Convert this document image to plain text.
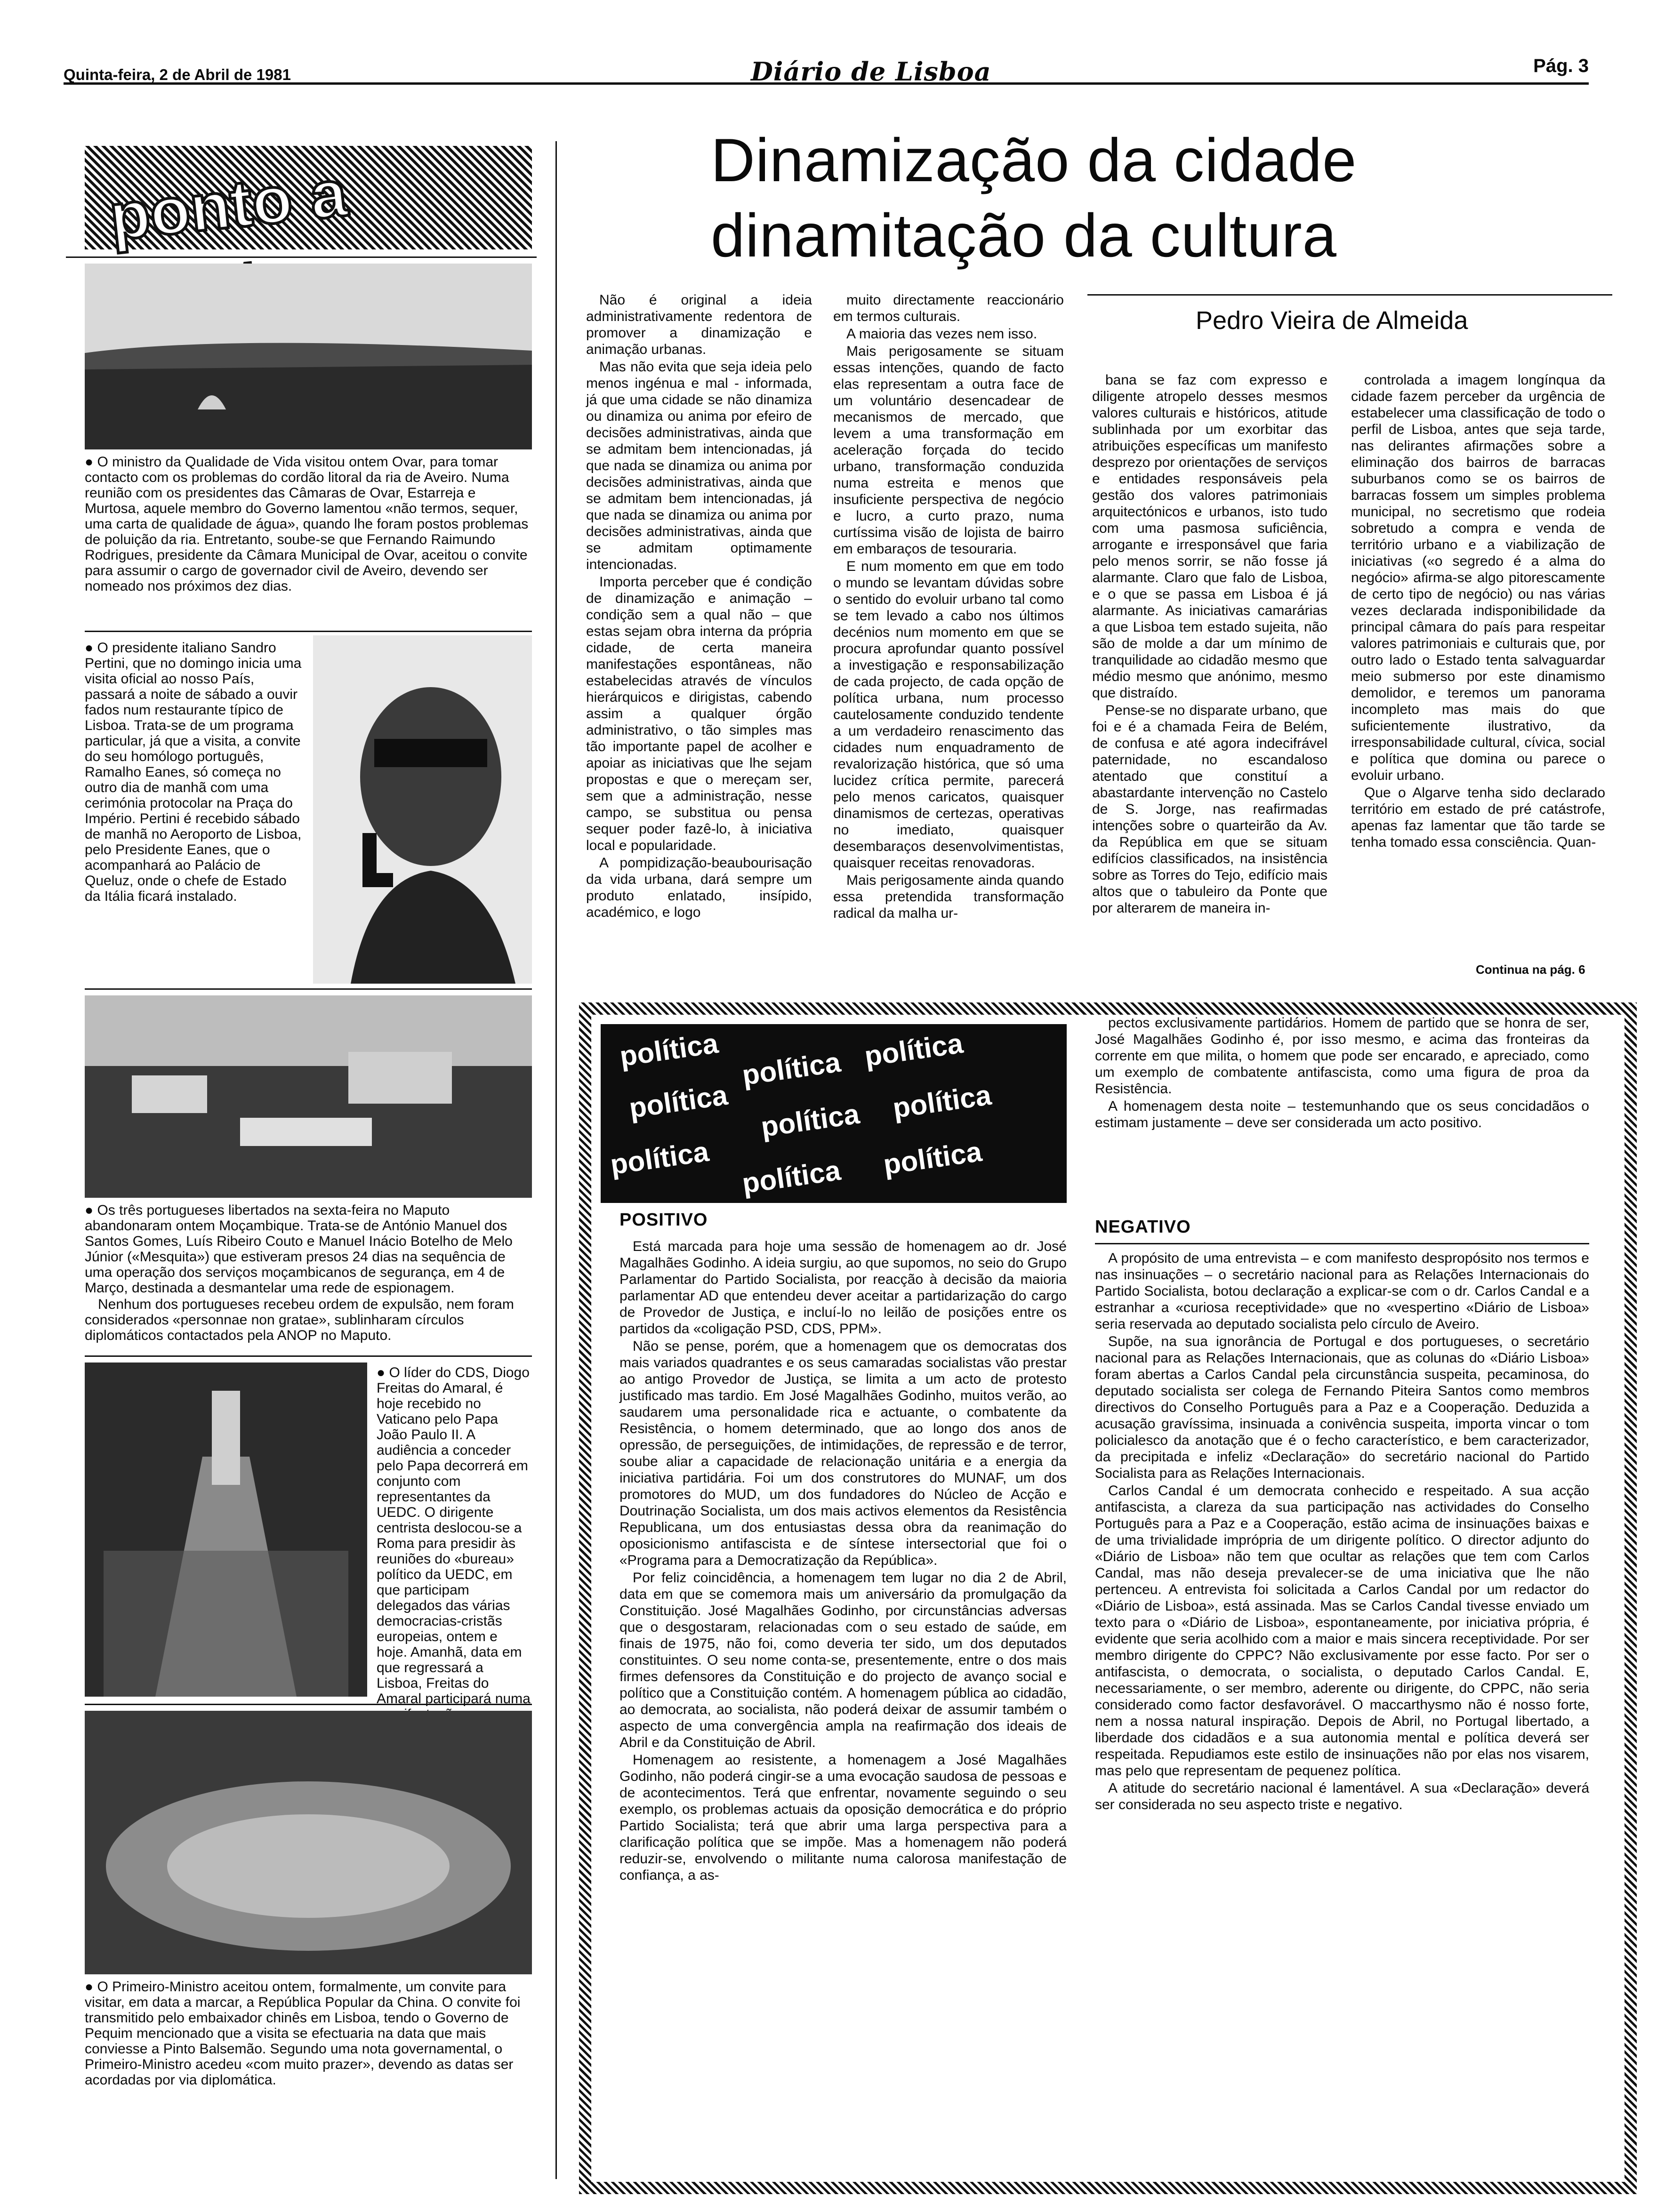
Quinta-feira, 2 de Abril de 1981	Diário de Lisboa	Pág. 3
ponto a
● O ministro da Qualidade de Vida visitou ontem Ovar, para tomar contacto com os problemas do cordão litoral da ria de Aveiro. Numa reunião com os presidentes das Câmaras de Ovar, Estarreja e Murtosa, aquele membro do Governo lamentou «não termos, sequer, uma carta de qualidade de água», quando lhe foram postos problemas de poluição da ria. Entretanto, soube-se que Fernando Raimundo Rodrigues, presidente da Câmara Municipal de Ovar, aceitou o convite para assumir o cargo de governador civil de Aveiro, devendo ser nomeado nos próximos dez dias.
● O presidente italiano Sandro Pertini, que no domingo inicia uma visita oficial ao nosso País, passará a noite de sábado a ouvir fados num restaurante típico de Lisboa. Trata-se de um programa particular, já que a visita, a convite do seu homólogo português, Ramalho Eanes, só começa no outro dia de manhã com uma cerimónia protocolar na Praça do Império. Pertini é recebido sábado de manhã no Aeroporto de Lisboa, pelo Presidente Eanes, que o acompanhará ao Palácio de Queluz, onde o chefe de Estado da Itália ficará instalado.
● Os três portugueses libertados na sexta-feira no Maputo abandonaram ontem Moçambique. Trata-se de António Manuel dos Santos Gomes, Luís Ribeiro Couto e Manuel Inácio Botelho de Melo Júnior («Mesquita») que estiveram presos 24 dias na sequência de uma operação dos serviços moçambicanos de segurança, em 4 de Março, destinada a desmantelar uma rede de espionagem.
Nenhum dos portugueses recebeu ordem de expulsão, nem foram considerados «personnae non gratae», sublinharam círculos diplomáticos contactados pela ANOP no Maputo.
● O líder do CDS, Diogo Freitas do Amaral, é hoje recebido no Vaticano pelo Papa João Paulo II. A audiência a conceder pelo Papa decorrerá em conjunto com representantes da UEDC. O dirigente centrista deslocou-se a Roma para presidir às reuniões do «bureau» político da UEDC, em que participam delegados das várias democracias-cristãs europeias, ontem e hoje. Amanhã, data em que regressará a Lisboa, Freitas do Amaral participará numa
● O Primeiro-Ministro aceitou ontem, formalmente, um convite para visitar, em data a marcar, a República Popular da China. O convite foi transmitido pelo embaixador chinês em Lisboa, tendo o Governo de Pequim mencionado que a visita se efectuaria na data que mais conviesse a Pinto Balsemão. Segundo uma nota governamental, o Primeiro-Ministro acedeu «com muito prazer», devendo as datas ser acordadas por via diplomática.
Dinamização da cidade
dinamitação da cultura
Pedro Vieira de Almeida

Não é original a ideia administrativamente redentora de promover a dinamização e animação urbanas.

Mas não evita que seja ideia pelo menos ingénua e mal - informada, já que uma cidade se não dinamiza ou dinamiza ou anima por efeiro de decisões administrativas, ainda que se admitam bem intencionadas, já que nada se dinamiza ou anima por decisões administrativas, ainda que se admitam bem intencionadas, já que nada se dinamiza ou anima por decisões administrativas, ainda que se admitam optimamente intencionadas.

Importa perceber que é condição de dinamização e animação – condição sem a qual não – que estas sejam obra interna da própria cidade, de certa maneira manifestações espontâneas, não estabelecidas através de vínculos hierárquicos e dirigistas, cabendo assim a qualquer órgão administrativo, o tão simples mas tão importante papel de acolher e apoiar as iniciativas que lhe sejam propostas e que o mereçam ser, sem que a administração, nesse campo, se substitua ou pensa sequer poder fazê-lo, à iniciativa local e popularidade.

A pompidização-beaubourisação da vida urbana, dará sempre um produto enlatado, insípido, académico, e logo

muito directamente reaccionário em termos culturais.

A maioria das vezes nem isso.

Mais perigosamente se situam essas intenções, quando de facto elas representam a outra face de um voluntário desencadear de mecanismos de mercado, que levem a uma transformação em aceleração forçada do tecido urbano, transformação conduzida numa estreita e menos que insuficiente perspectiva de negócio e lucro, a curto prazo, numa curtíssima visão de lojista de bairro em embaraços de tesouraria.

E num momento em que em todo o mundo se levantam dúvidas sobre o sentido do evoluir urbano tal como se tem levado a cabo nos últimos decénios num momento em que se procura aprofundar quanto possível a investigação e responsabilização de cada projecto, de cada opção de política urbana, num processo cautelosamente conduzido tendente a um verdadeiro renascimento das cidades num enquadramento de revalorização histórica, que só uma lucidez crítica permite, parecerá pelo menos caricatos, quaisquer dinamismos de certezas, operativas no imediato, quaisquer desembaraços desenvolvimentistas, quaisquer receitas renovadoras.

Mais perigosamente ainda quando essa pretendida transformação radical da malha ur-

bana se faz com expresso e diligente atropelo desses mesmos valores culturais e históricos, atitude sublinhada por um exorbitar das atribuições específicas um manifesto desprezo por orientações de serviços e entidades responsáveis pela gestão dos valores patrimoniais arquitectónicos e urbanos, isto tudo com uma pasmosa suficiência, arrogante e irresponsável que faria pelo menos sorrir, se não fosse já alarmante. Claro que falo de Lisboa, e o que se passa em Lisboa é já alarmante. As iniciativas camarárias a que Lisboa tem estado sujeita, não são de molde a dar um mínimo de tranquilidade ao cidadão mesmo que médio mesmo que anónimo, mesmo que distraído.

Pense-se no disparate urbano, que foi e é a chamada Feira de Belém, de confusa e até agora indecifrável paternidade, no escandaloso atentado que constituí a abastardante intervenção no Castelo de S. Jorge, nas reafirmadas intenções sobre o quarteirão da Av. da República em que se situam edifícios classificados, na insistência sobre as Torres do Tejo, edifício mais altos que o tabuleiro da Ponte que por alterarem de maneira in-

controlada a imagem longínqua da cidade fazem perceber da urgência de estabelecer uma classificação de todo o perfil de Lisboa, antes que seja tarde, nas delirantes afirmações sobre a eliminação dos bairros de barracas suburbanos como se os bairros de barracas fossem um simples problema municipal, no secretismo que rodeia sobretudo a compra e venda de território urbano e a viabilização de iniciativas («o segredo é a alma do negócio» afirma-se algo pitorescamente de certo tipo de negócio) ou nas várias vezes declarada indisponibilidade da principal câmara do país para respeitar valores patrimoniais e culturais que, por outro lado o Estado tenta salvaguardar meio submerso por este dinamismo demolidor, e teremos um panorama incompleto mas mais do que suficientemente ilustrativo, da irresponsabilidade cultural, cívica, social e política que domina ou parece o evoluir urbano.

Que o Algarve tenha sido declarado território em estado de pré catástrofe, apenas faz lamentar que tão tarde se tenha tomado essa consciência. Quan-

Continua na pág. 6
política política política
política política política
política política política
POSITIVO

Está marcada para hoje uma sessão de homenagem ao dr. José Magalhães Godinho. A ideia surgiu, ao que supomos, no seio do Grupo Parlamentar do Partido Socialista, por reacção à decisão da maioria parlamentar AD que entendeu dever aceitar a partidarização do cargo de Provedor de Justiça, e incluí-lo no leilão de posições entre os partidos da «coligação PSD, CDS, PPM».

Não se pense, porém, que a homenagem que os democratas dos mais variados quadrantes e os seus camaradas socialistas vão prestar ao antigo Provedor de Justiça, se limita a um acto de protesto justificado mas tardio. Em José Magalhães Godinho, muitos verão, ao saudarem uma personalidade rica e actuante, o combatente da Resistência, o homem determinado, que ao longo dos anos de opressão, de perseguições, de intimidações, de repressão e de terror, soube aliar a capacidade de relacionação unitária e a energia da iniciativa partidária. Foi um dos construtores do MUNAF, um dos promotores do MUD, um dos fundadores do Núcleo de Acção e Doutrinação Socialista, um dos mais activos elementos da Resistência Republicana, um dos entusiastas dessa obra da reanimação do oposicionismo antifascista e de síntese intersectorial que foi o «Programa para a Democratização da República».

Por feliz coincidência, a homenagem tem lugar no dia 2 de Abril, data em que se comemora mais um aniversário da promulgação da Constituição. José Magalhães Godinho, por circunstâncias adversas que o desgostaram, relacionadas com o seu estado de saúde, em finais de 1975, não foi, como deveria ter sido, um dos deputados constituintes. O seu nome conta-se, presentemente, entre o dos mais firmes defensores da Constituição e do projecto de avanço social e político que a Constituição contém. A homenagem pública ao cidadão, ao democrata, ao socialista, não poderá deixar de assumir também o aspecto de uma convergência ampla na reafirmação dos ideais de Abril e da Constituição de Abril.

Homenagem ao resistente, a homenagem a José Magalhães Godinho, não poderá cingir-se a uma evocação saudosa de pessoas e de acontecimentos. Terá que enfrentar, novamente seguindo o seu exemplo, os problemas actuais da oposição democrática e do próprio Partido Socialista; terá que abrir uma larga perspectiva para a clarificação política que se impõe. Mas a homenagem não poderá reduzir-se, envolvendo o militante numa calorosa manifestação de confiança, a as-

pectos exclusivamente partidários. Homem de partido que se honra de ser, José Magalhães Godinho é, por isso mesmo, e acima das fronteiras da corrente em que milita, o homem que pode ser encarado, e apreciado, como um exemplo de combatente antifascista, como uma figura de proa da Resistência.

A homenagem desta noite – testemunhando que os seus concidadãos o estimam justamente – deve ser considerada um acto positivo.

NEGATIVO

A propósito de uma entrevista – e com manifesto despropósito nos termos e nas insinuações – o secretário nacional para as Relações Internacionais do Partido Socialista, botou declaração a explicar-se com o dr. Carlos Candal e a estranhar a «curiosa receptividade» que no «vespertino «Diário de Lisboa» seria reservada ao deputado socialista pelo círculo de Aveiro.

Supõe, na sua ignorância de Portugal e dos portugueses, o secretário nacional para as Relações Internacionais, que as colunas do «Diário Lisboa» foram abertas a Carlos Candal pela circunstância suspeita, pecaminosa, do deputado socialista ser colega de Fernando Piteira Santos como membros directivos do Conselho Português para a Paz e a Cooperação. Deduzida a acusação gravíssima, insinuada a conivência suspeita, importa vincar o tom policialesco da anotação que é o fecho característico, e bem caracterizador, da precipitada e infeliz «Declaração» do secretário nacional do Partido Socialista para as Relações Internacionais.

Carlos Candal é um democrata conhecido e respeitado. A sua acção antifascista, a clareza da sua participação nas actividades do Conselho Português para a Paz e a Cooperação, estão acima de insinuações baixas e de uma trivialidade imprópria de um dirigente político. O director adjunto do «Diário de Lisboa» não tem que ocultar as relações que tem com Carlos Candal, mas não deseja prevalecer-se de uma iniciativa que lhe não pertenceu. A entrevista foi solicitada a Carlos Candal por um redactor do «Diário de Lisboa», está assinada. Mas se Carlos Candal tivesse enviado um texto para o «Diário de Lisboa», espontaneamente, por iniciativa própria, é evidente que seria acolhido com a maior e mais sincera receptividade. Por ser membro dirigente do CPPC? Não exclusivamente por esse facto. Por ser o antifascista, o democrata, o socialista, o deputado Carlos Candal. E, necessariamente, o ser membro, aderente ou dirigente, do CPPC, não seria considerado como factor desfavorável. O maccarthysmo não é nosso forte, nem a nossa natural inspiração. Depois de Abril, no Portugal libertado, a liberdade dos cidadãos e a sua autonomia mental e política deverá ser respeitada. Repudiamos este estilo de insinuações não por elas nos visarem, mas pelo que representam de pequenez política.

A atitude do secretário nacional é lamentável. A sua «Declaração» deverá ser considerada no seu aspecto triste e negativo.
